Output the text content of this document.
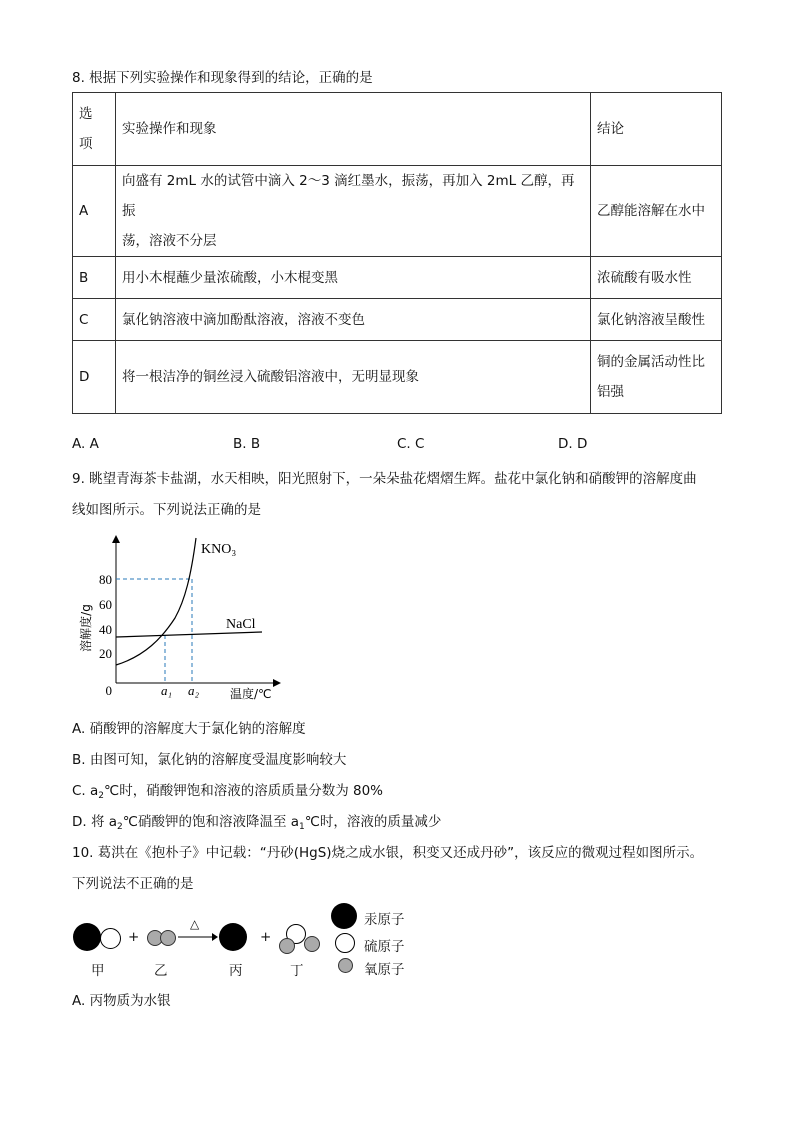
8. 根据下列实验操作和现象得到的结论，正确的是
选项	实验操作和现象	结论
A	向盛有 2mL 水的试管中滴入 2～3 滴红墨水，振荡，再加入 2mL 乙醇，再振
荡，溶液不分层	乙醇能溶解在水中
B	用小木棍蘸少量浓硫酸，小木棍变黑	浓硫酸有吸水性
C	氯化钠溶液中滴加酚酞溶液，溶液不变色	氯化钠溶液呈酸性
D	将一根洁净的铜丝浸入硫酸铝溶液中，无明显现象	铜的金属活动性比
铝强
A. A	B. B	C. C	D. D
9. 眺望青海茶卡盐湖，水天相映，阳光照射下，一朵朵盐花熠熠生辉。盐花中氯化钠和硝酸钾的溶解度曲
线如图所示。下列说法正确的是
20
40
60
80
0
KNO₃
NaCl
a₁ a₂
溶解度/g
温度/℃
A. 硝酸钾的溶解度大于氯化钠的溶解度
B. 由图可知，氯化钠的溶解度受温度影响较大
C. $a_2℃$时，硝酸钾饱和溶液的溶质质量分数为 80%
D. 将 $a_2℃$硝酸钾的饱和溶液降温至 $a_1℃$时，溶液的质量减少
10. 葛洪在《抱朴子》中记载：“丹砂(HgS)烧之成水银，积变又还成丹砂”，该反应的微观过程如图所示。
下列说法不正确的是
+
△
+
甲	乙	丙	丁
汞原子
硫原子
氧原子
A. 丙物质为水银
